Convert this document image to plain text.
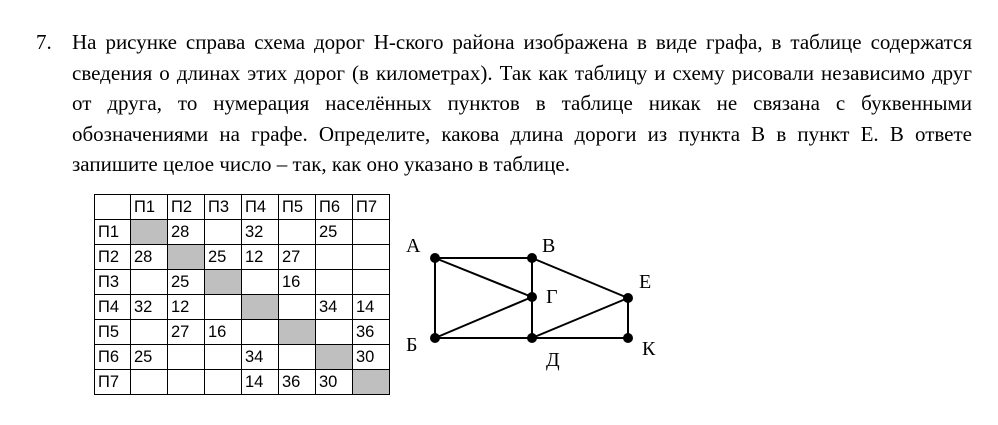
7. На рисунке справа схема дорог Н-ского района изображена в виде графа, в таблице содержатся сведения о длинах этих дорог (в километрах). Так как таблицу и схему рисовали независимо друг от друга, то нумерация населённых пунктов в таблице никак не связана с буквенными обозначениями на графе. Определите, какова длина дороги из пункта В в пункт Е. В ответе запишите целое число – так, как оно указано в таблице.
	П1	П2	П3	П4	П5	П6	П7
П1		28		32		25	
П2	28		25	12	27		
П3		25			16		
П4	32	12				34	14
П5		27	16				36
П6	25			34			30
П7				14	36	30	
А
Б
В
Г
Д
Е
К
